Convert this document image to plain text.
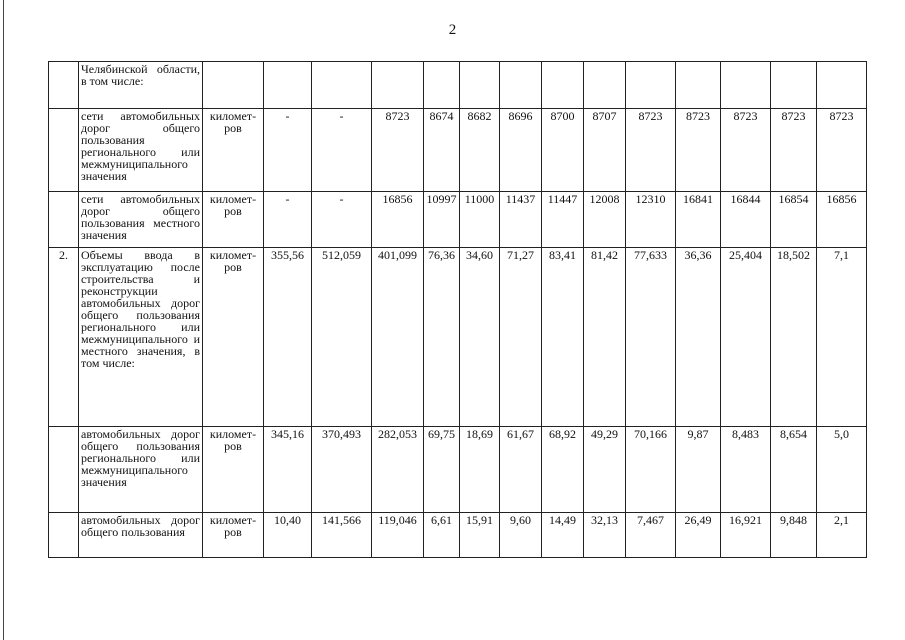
2
	Челябинской области, в том числе:														
	сети автомобильных дорог общего пользования регионального или межмуниципального значения	километ-ров	-	-	8723	8674	8682	8696	8700	8707	8723	8723	8723	8723	8723
	сети автомобильных дорог общего пользования местного значения	километ-ров	-	-	16856	10997	11000	11437	11447	12008	12310	16841	16844	16854	16856
2.	Объемы ввода в эксплуатацию после строительства и реконструкции автомобильных дорог общего пользования регионального или межмуниципального и местного значения, в том числе:	километ-ров	355,56	512,059	401,099	76,36	34,60	71,27	83,41	81,42	77,633	36,36	25,404	18,502	7,1
	автомобильных дорог общего пользования регионального или межмуниципального значения	километ-ров	345,16	370,493	282,053	69,75	18,69	61,67	68,92	49,29	70,166	9,87	8,483	8,654	5,0
	автомобильных дорог общего пользования	километ-ров	10,40	141,566	119,046	6,61	15,91	9,60	14,49	32,13	7,467	26,49	16,921	9,848	2,1
